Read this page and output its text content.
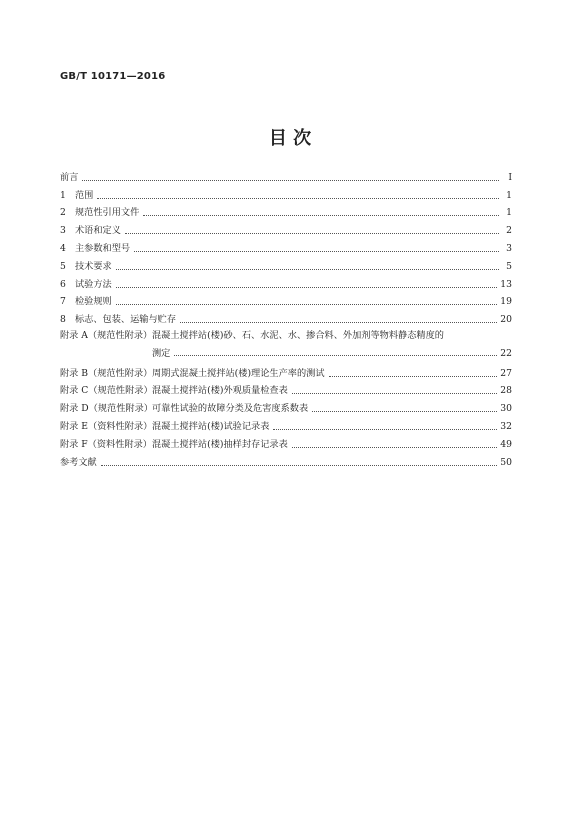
GB/T 10171—2016
目 次
前言	Ⅰ
1 范围	1
2 规范性引用文件	1
3 术语和定义	2
4 主参数和型号	3
5 技术要求	5
6 试验方法	13
7 检验规则	19
8 标志、包装、运输与贮存	20
附录 A（规范性附录） 混凝土搅拌站(楼)砂、石、水泥、水、掺合料、外加剂等物料静态精度的
测定	22
附录 B（规范性附录） 周期式混凝土搅拌站(楼)理论生产率的测试	27
附录 C（规范性附录） 混凝土搅拌站(楼)外观质量检查表	28
附录 D（规范性附录） 可靠性试验的故障分类及危害度系数表	30
附录 E（资料性附录） 混凝土搅拌站(楼)试验记录表	32
附录 F（资料性附录） 混凝土搅拌站(楼)抽样封存记录表	49
参考文献	50
